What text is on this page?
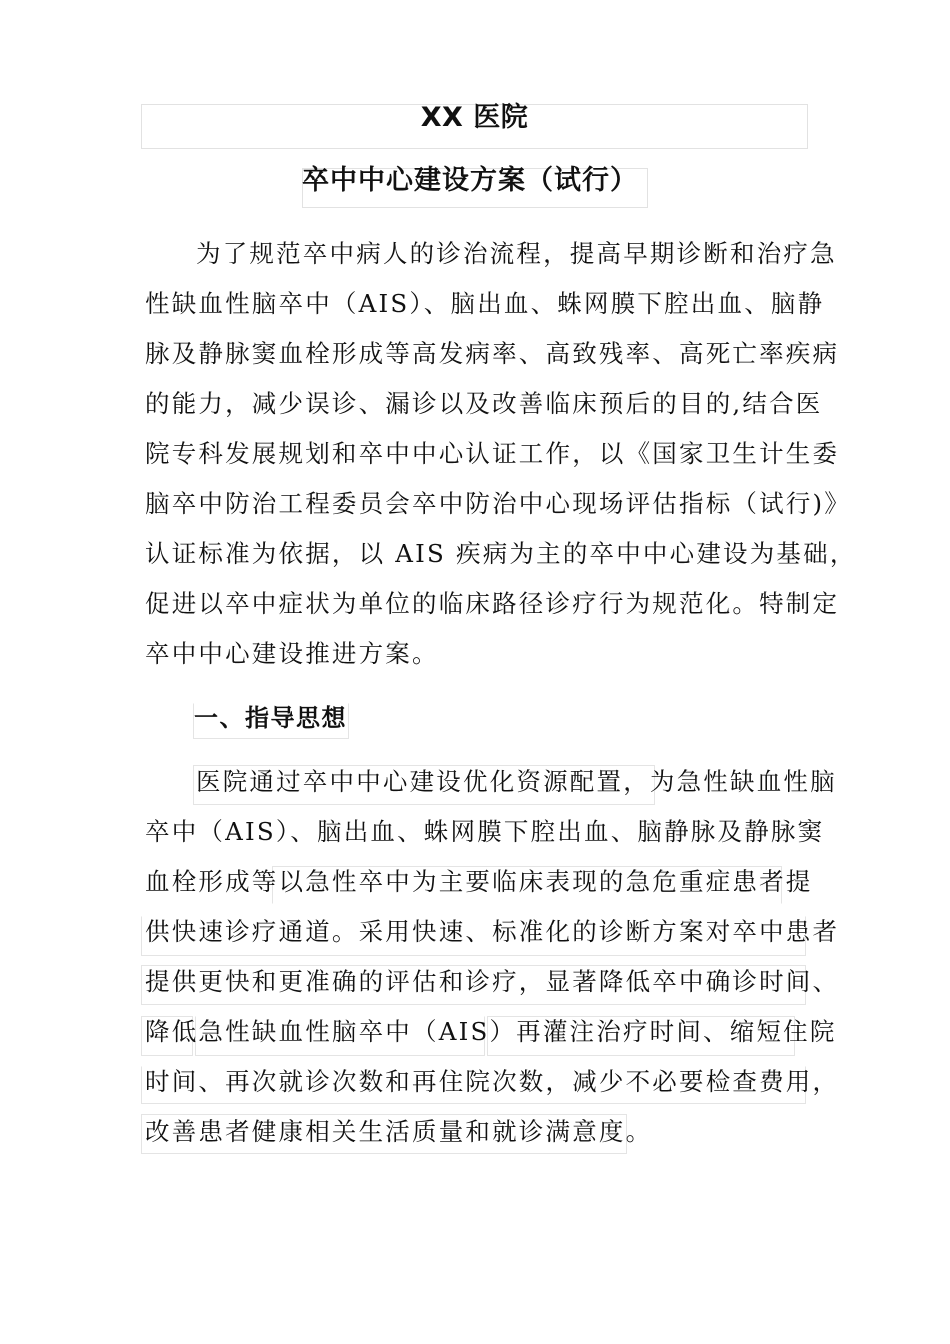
XX 医院
卒中中心建设方案（试行）
为了规范卒中病人的诊治流程，提高早期诊断和治疗急
性缺血性脑卒中（AIS）、脑出血、蛛网膜下腔出血、脑静
脉及静脉窦血栓形成等高发病率、高致残率、高死亡率疾病
的能力，减少误诊、漏诊以及改善临床预后的目的,结合医
院专科发展规划和卒中中心认证工作，以《国家卫生计生委
脑卒中防治工程委员会卒中防治中心现场评估指标（试行)》
认证标准为依据，以 AIS 疾病为主的卒中中心建设为基础，
促进以卒中症状为单位的临床路径诊疗行为规范化。特制定
卒中中心建设推进方案。
一、指导思想
医院通过卒中中心建设优化资源配置，为急性缺血性脑
卒中（AIS）、脑出血、蛛网膜下腔出血、脑静脉及静脉窦
血栓形成等以急性卒中为主要临床表现的急危重症患者提
供快速诊疗通道。采用快速、标准化的诊断方案对卒中患者
提供更快和更准确的评估和诊疗，显著降低卒中确诊时间、
降低急性缺血性脑卒中（AIS）再灌注治疗时间、缩短住院
时间、再次就诊次数和再住院次数，减少不必要检查费用，
改善患者健康相关生活质量和就诊满意度。
